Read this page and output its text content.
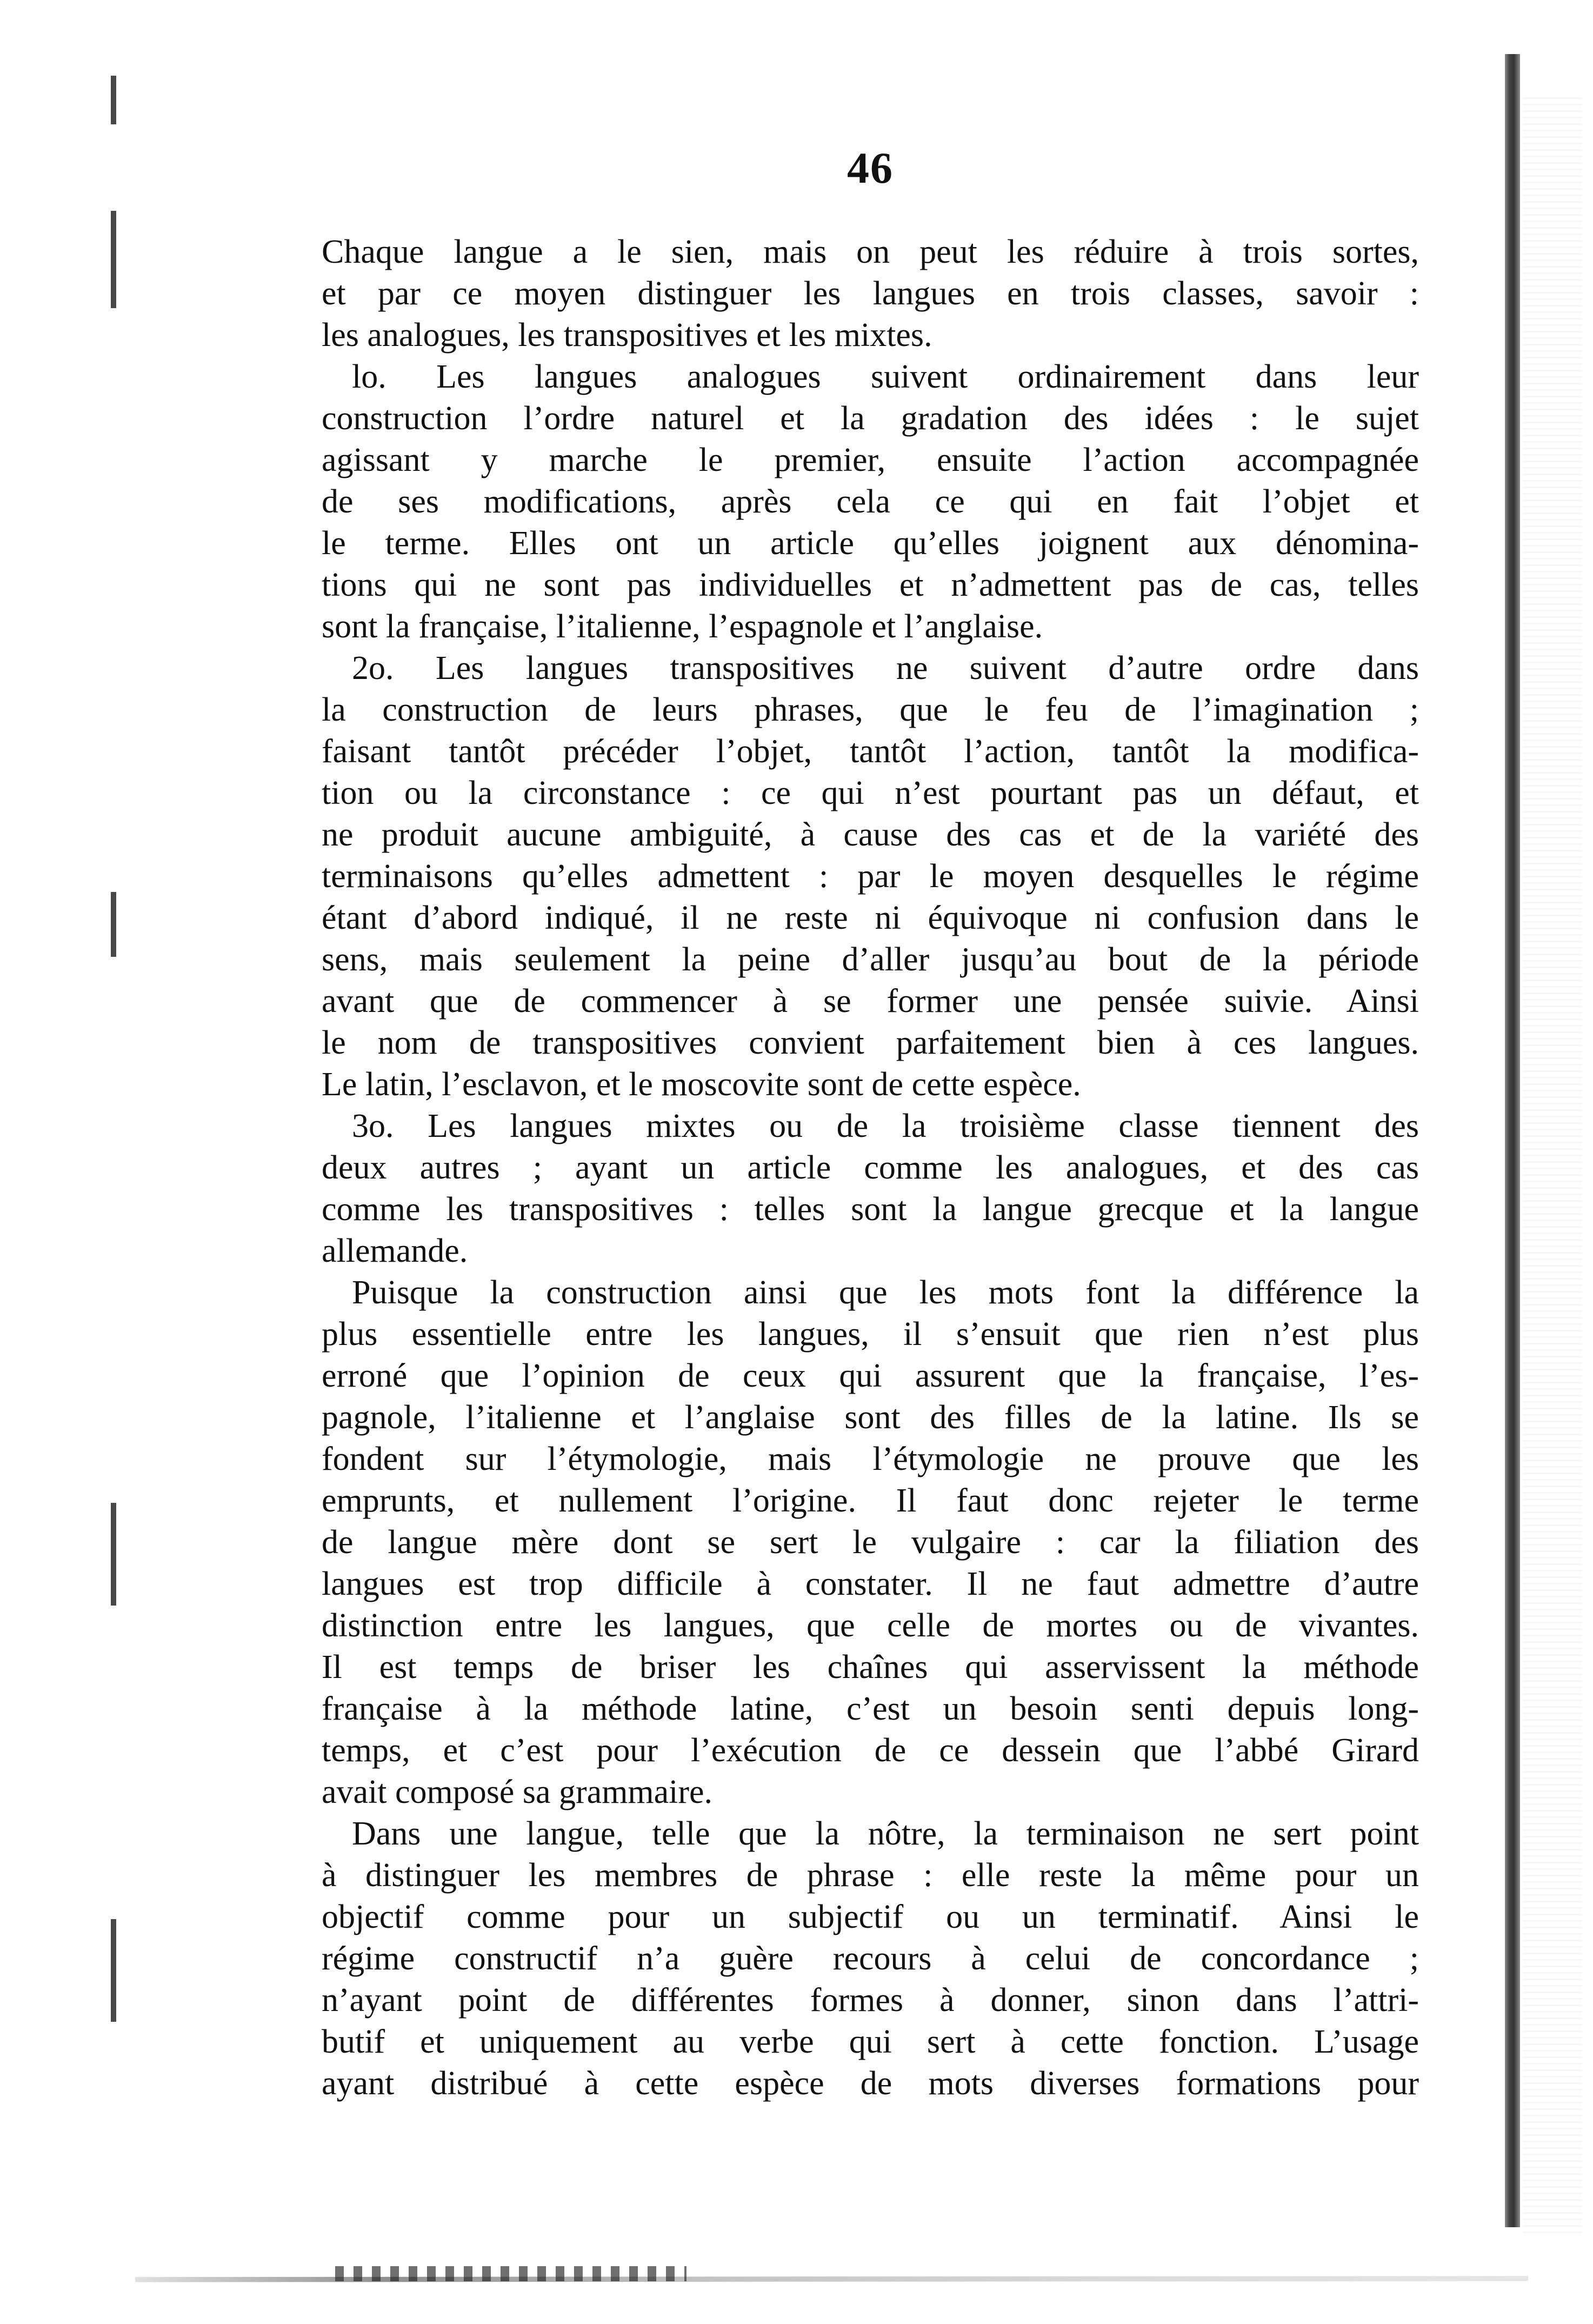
46
Chaque langue a le sien, mais on peut les réduire à trois sortes,
et par ce moyen distinguer les langues en trois classes, savoir :
les analogues, les transpositives et les mixtes.
lo. Les langues analogues suivent ordinairement dans leur
construction l’ordre naturel et la gradation des idées : le sujet
agissant y marche le premier, ensuite l’action accompagnée
de ses modifications, après cela ce qui en fait l’objet et
le terme. Elles ont un article qu’elles joignent aux dénomina-
tions qui ne sont pas individuelles et n’admettent pas de cas, telles
sont la française, l’italienne, l’espagnole et l’anglaise.
2o. Les langues transpositives ne suivent d’autre ordre dans
la construction de leurs phrases, que le feu de l’imagination ;
faisant tantôt précéder l’objet, tantôt l’action, tantôt la modifica-
tion ou la circonstance : ce qui n’est pourtant pas un défaut, et
ne produit aucune ambiguité, à cause des cas et de la variété des
terminaisons qu’elles admettent : par le moyen desquelles le régime
étant d’abord indiqué, il ne reste ni équivoque ni confusion dans le
sens, mais seulement la peine d’aller jusqu’au bout de la période
avant que de commencer à se former une pensée suivie. Ainsi
le nom de transpositives convient parfaitement bien à ces langues.
Le latin, l’esclavon, et le moscovite sont de cette espèce.
3o. Les langues mixtes ou de la troisième classe tiennent des
deux autres ; ayant un article comme les analogues, et des cas
comme les transpositives : telles sont la langue grecque et la langue
allemande.
Puisque la construction ainsi que les mots font la différence la
plus essentielle entre les langues, il s’ensuit que rien n’est plus
erroné que l’opinion de ceux qui assurent que la française, l’es-
pagnole, l’italienne et l’anglaise sont des filles de la latine. Ils se
fondent sur l’étymologie, mais l’étymologie ne prouve que les
emprunts, et nullement l’origine. Il faut donc rejeter le terme
de langue mère dont se sert le vulgaire : car la filiation des
langues est trop difficile à constater. Il ne faut admettre d’autre
distinction entre les langues, que celle de mortes ou de vivantes.
Il est temps de briser les chaînes qui asservissent la méthode
française à la méthode latine, c’est un besoin senti depuis long-
temps, et c’est pour l’exécution de ce dessein que l’abbé Girard
avait composé sa grammaire.
Dans une langue, telle que la nôtre, la terminaison ne sert point
à distinguer les membres de phrase : elle reste la même pour un
objectif comme pour un subjectif ou un terminatif. Ainsi le
régime constructif n’a guère recours à celui de concordance ;
n’ayant point de différentes formes à donner, sinon dans l’attri-
butif et uniquement au verbe qui sert à cette fonction. L’usage
ayant distribué à cette espèce de mots diverses formations pour
